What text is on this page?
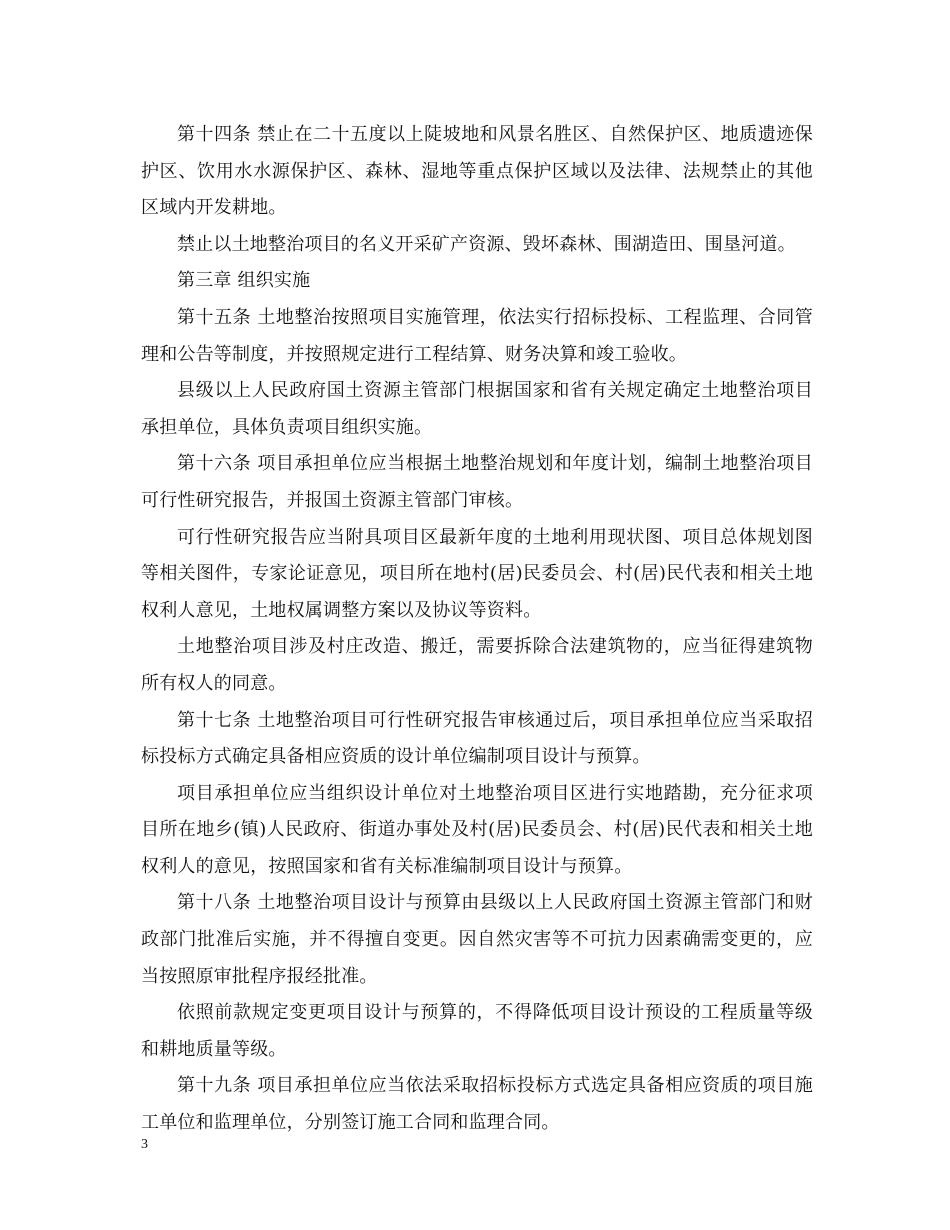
第十四条 禁止在二十五度以上陡坡地和风景名胜区、自然保护区、地质遗迹保护区、饮用水水源保护区、森林、湿地等重点保护区域以及法律、法规禁止的其他区域内开发耕地。

禁止以土地整治项目的名义开采矿产资源、毁坏森林、围湖造田、围垦河道。

第三章 组织实施

第十五条 土地整治按照项目实施管理，依法实行招标投标、工程监理、合同管理和公告等制度，并按照规定进行工程结算、财务决算和竣工验收。

县级以上人民政府国土资源主管部门根据国家和省有关规定确定土地整治项目承担单位，具体负责项目组织实施。

第十六条 项目承担单位应当根据土地整治规划和年度计划，编制土地整治项目可行性研究报告，并报国土资源主管部门审核。

可行性研究报告应当附具项目区最新年度的土地利用现状图、项目总体规划图等相关图件，专家论证意见，项目所在地村(居)民委员会、村(居)民代表和相关土地权利人意见，土地权属调整方案以及协议等资料。

土地整治项目涉及村庄改造、搬迁，需要拆除合法建筑物的，应当征得建筑物所有权人的同意。

第十七条 土地整治项目可行性研究报告审核通过后，项目承担单位应当采取招标投标方式确定具备相应资质的设计单位编制项目设计与预算。

项目承担单位应当组织设计单位对土地整治项目区进行实地踏勘，充分征求项目所在地乡(镇)人民政府、街道办事处及村(居)民委员会、村(居)民代表和相关土地权利人的意见，按照国家和省有关标准编制项目设计与预算。

第十八条 土地整治项目设计与预算由县级以上人民政府国土资源主管部门和财政部门批准后实施，并不得擅自变更。因自然灾害等不可抗力因素确需变更的，应当按照原审批程序报经批准。

依照前款规定变更项目设计与预算的，不得降低项目设计预设的工程质量等级和耕地质量等级。

第十九条 项目承担单位应当依法采取招标投标方式选定具备相应资质的项目施工单位和监理单位，分别签订施工合同和监理合同。

3
